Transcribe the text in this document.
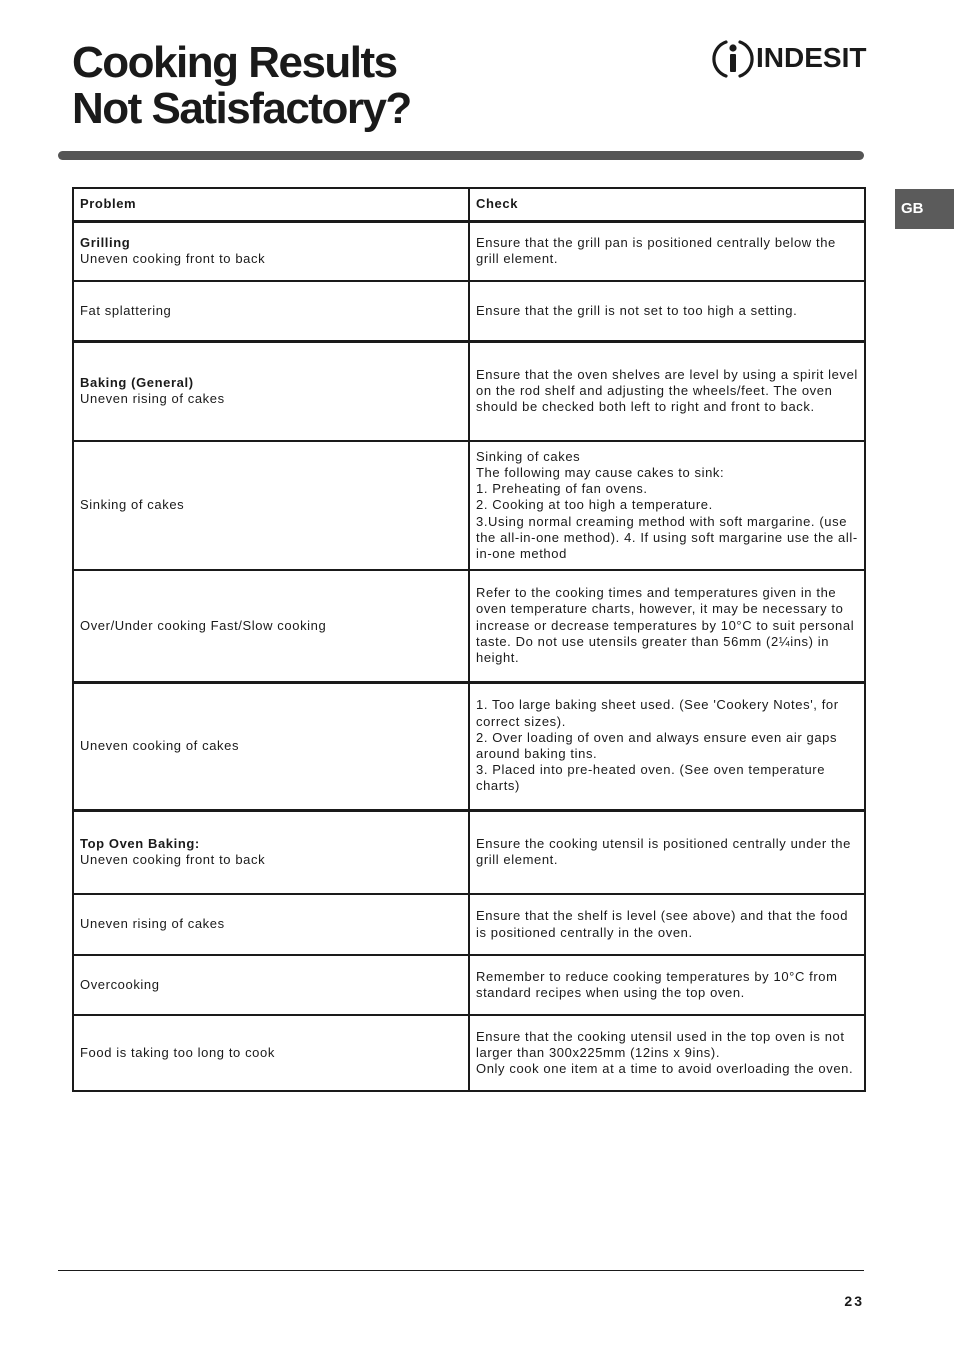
Cooking Results
Not Satisfactory?
INDESIT
GB
Problem	Check

Grilling
Uneven cooking front to back	Ensure that the grill pan is positioned centrally below the grill element.

Fat splattering	Ensure that the grill is not set to too high a setting.

Baking (General)
Uneven rising of cakes	Ensure that the oven shelves are level by using a spirit level on the rod shelf and adjusting the wheels/feet. The oven should be checked both left to right and front to back.

Sinking of cakes	Sinking of cakes
The following may cause cakes to sink:
1. Preheating of fan ovens.
2. Cooking at too high a temperature.
3.Using normal creaming method with soft margarine. (use the all-in-one method). 4. If using soft margarine use the all-in-one method

Over/Under cooking Fast/Slow cooking	Refer to the cooking times and temperatures given in the oven temperature charts, however, it may be necessary to increase or decrease temperatures by 10°C to suit personal taste. Do not use utensils greater than 56mm (2¼ins) in height.

Uneven cooking of cakes	1. Too large baking sheet used. (See 'Cookery Notes', for correct sizes).
2. Over loading of oven and always ensure even air gaps around baking tins.
3. Placed into pre-heated oven. (See oven temperature charts)

Top Oven Baking:
Uneven cooking front to back	Ensure the cooking utensil is positioned centrally under the grill element.

Uneven rising of cakes	Ensure that the shelf is level (see above) and that the food is positioned centrally in the oven.

Overcooking	Remember to reduce cooking temperatures by 10°C from standard recipes when using the top oven.

Food is taking too long to cook	Ensure that the cooking utensil used in the top oven is not larger than 300x225mm (12ins x 9ins).
Only cook one item at a time to avoid overloading the oven.
23
